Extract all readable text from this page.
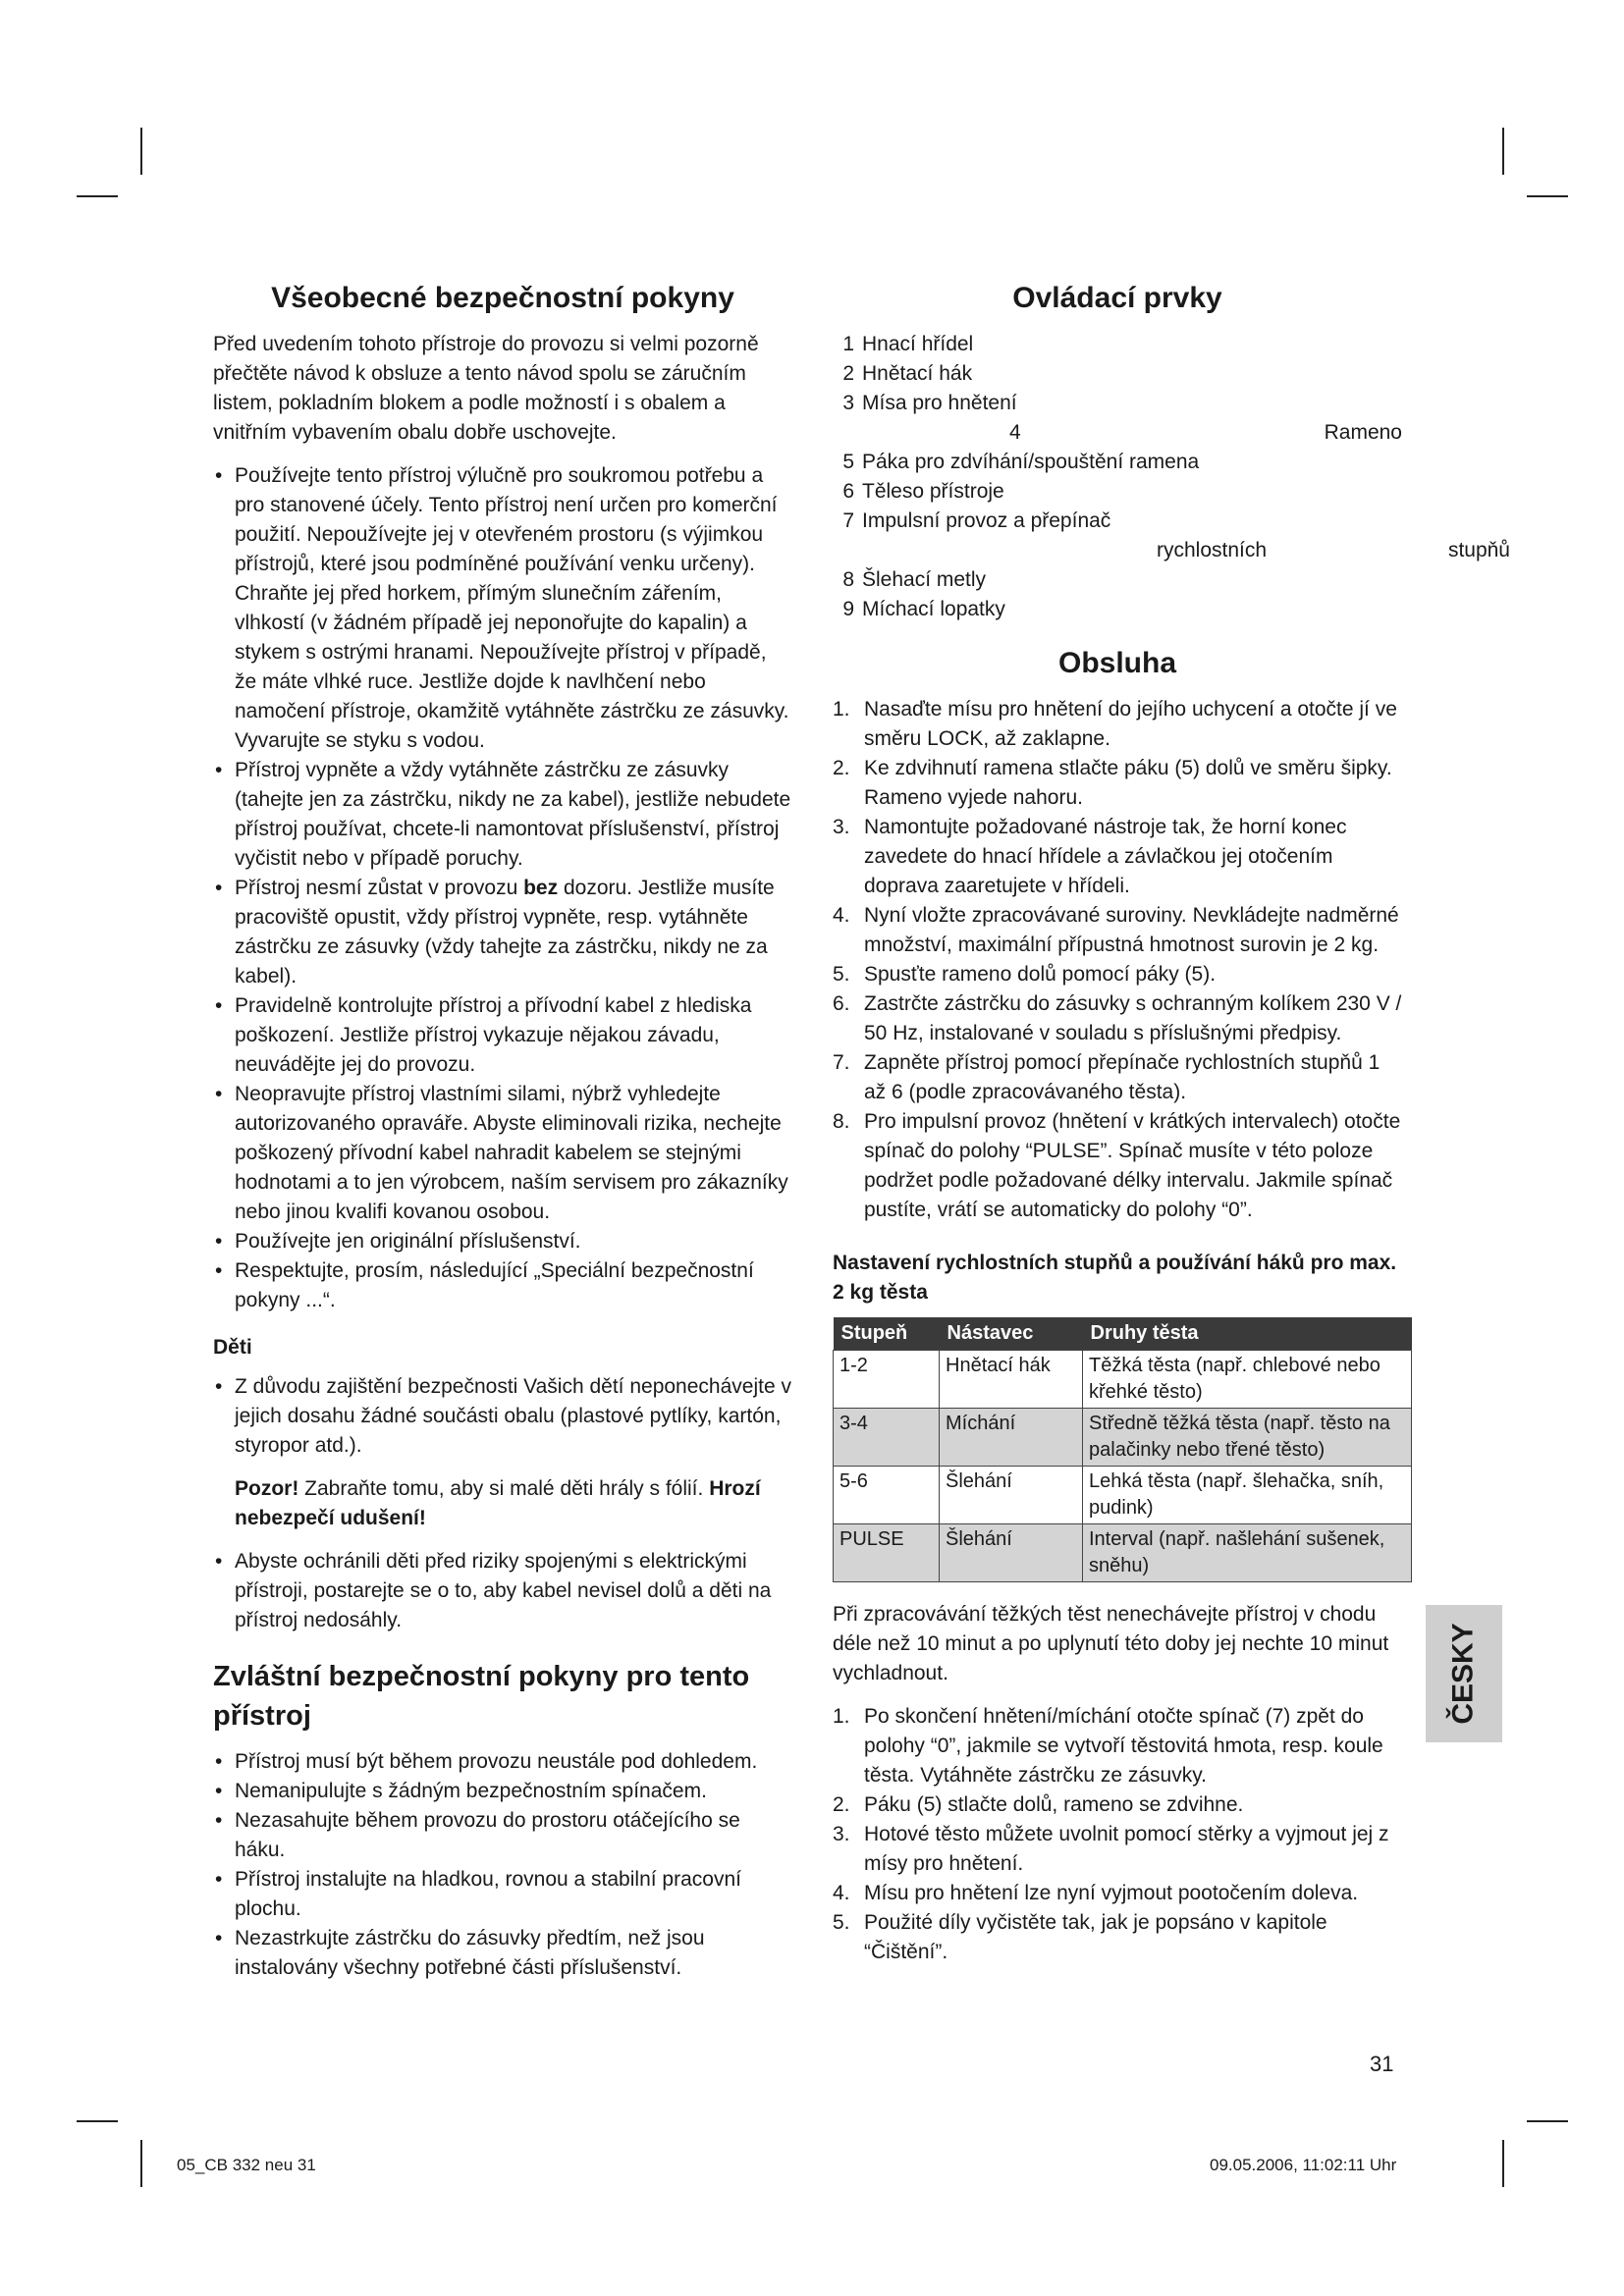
Všeobecné bezpečnostní pokyny

Před uvedením tohoto přístroje do provozu si velmi pozorně přečtěte návod k obsluze a tento návod spolu se záručním listem, pokladním blokem a podle možností i s obalem a vnitřním vybavením obalu dobře uschovejte.

• Používejte tento přístroj výlučně pro soukromou potřebu a pro stanovené účely. Tento přístroj není určen pro komerční použití. Nepoužívejte jej v otevřeném prostoru (s výjimkou přístrojů, které jsou podmíněné používání venku určeny). Chraňte jej před horkem, přímým slunečním zářením, vlhkostí (v žádném případě jej neponořujte do kapalin) a stykem s ostrými hranami. Nepoužívejte přístroj v případě, že máte vlhké ruce. Jestliže dojde k navlhčení nebo namočení přístroje, okamžitě vytáhněte zástrčku ze zásuvky. Vyvarujte se styku s vodou.
• Přístroj vypněte a vždy vytáhněte zástrčku ze zásuvky (tahejte jen za zástrčku, nikdy ne za kabel), jestliže nebudete přístroj používat, chcete-li namontovat příslušenství, přístroj vyčistit nebo v případě poruchy.
• Přístroj nesmí zůstat v provozu bez dozoru. Jestliže musíte pracoviště opustit, vždy přístroj vypněte, resp. vytáhněte zástrčku ze zásuvky (vždy tahejte za zástrčku, nikdy ne za kabel).
• Pravidelně kontrolujte přístroj a přívodní kabel z hlediska poškození. Jestliže přístroj vykazuje nějakou závadu, neuvádějte jej do provozu.
• Neopravujte přístroj vlastními silami, nýbrž vyhledejte autorizovaného opraváře. Abyste eliminovali rizika, nechejte poškozený přívodní kabel nahradit kabelem se stejnými hodnotami a to jen výrobcem, naším servisem pro zákazníky nebo jinou kvalifi kovanou osobou.
• Používejte jen originální příslušenství.
• Respektujte, prosím, následující „Speciální bezpečnostní pokyny ...“.
Děti
• Z důvodu zajištění bezpečnosti Vašich dětí neponechávejte v jejich dosahu žádné součásti obalu (plastové pytlíky, kartón, styropor atd.).

Pozor! Zabraňte tomu, aby si malé děti hrály s fólií. Hrozí nebezpečí udušení!

• Abyste ochránili děti před riziky spojenými s elektrickými přístroji, postarejte se o to, aby kabel nevisel dolů a děti na přístroj nedosáhly.
Zvláštní bezpečnostní pokyny pro tento přístroj
• Přístroj musí být během provozu neustále pod dohledem.
• Nemanipulujte s žádným bezpečnostním spínačem.
• Nezasahujte během provozu do prostoru otáčejícího se háku.
• Přístroj instalujte na hladkou, rovnou a stabilní pracovní plochu.
• Nezastrkujte zástrčku do zásuvky předtím, než jsou instalovány všechny potřebné části příslušenství.
Ovládací prvky
1 Hnací hřídel
2 Hnětací hák
3 Mísa pro hnětení
4	Rameno
5 Páka pro zdvíhání/spouštění ramena
6 Těleso přístroje
7 Impulsní provoz a přepínač
rychlostních	stupňů
8 Šlehací metly
9 Míchací lopatky
Obsluha
1. Nasaďte mísu pro hnětení do jejího uchycení a otočte jí ve směru LOCK, až zaklapne.
2. Ke zdvihnutí ramena stlačte páku (5) dolů ve směru šipky. Rameno vyjede nahoru.
3. Namontujte požadované nástroje tak, že horní konec zavedete do hnací hřídele a závlačkou jej otočením doprava zaaretujete v hřídeli.
4. Nyní vložte zpracovávané suroviny. Nevkládejte nadměrné množství, maximální přípustná hmotnost surovin je 2 kg.
5. Spusťte rameno dolů pomocí páky (5).
6. Zastrčte zástrčku do zásuvky s ochranným kolíkem 230 V / 50 Hz, instalované v souladu s příslušnými předpisy.
7. Zapněte přístroj pomocí přepínače rychlostních stupňů 1 až 6 (podle zpracovávaného těsta).
8. Pro impulsní provoz (hnětení v krátkých intervalech) otočte spínač do polohy “PULSE”. Spínač musíte v této poloze podržet podle požadované délky intervalu. Jakmile spínač pustíte, vrátí se automaticky do polohy “0”.
Nastavení rychlostních stupňů a používání háků pro max. 2 kg těsta
Stupeň	Nástavec	Druhy těsta
1-2	Hnětací hák	Těžká těsta (např. chlebové nebo křehké těsto)
3-4	Míchání	Středně těžká těsta (např. těsto na palačinky nebo třené těsto)
5-6	Šlehání	Lehká těsta (např. šlehačka, sníh, pudink)
PULSE	Šlehání	Interval (např. našlehání sušenek, sněhu)

Při zpracovávání těžkých těst nenechávejte přístroj v chodu déle než 10 minut a po uplynutí této doby jej nechte 10 minut vychladnout.

1. Po skončení hnětení/míchání otočte spínač (7) zpět do polohy “0”, jakmile se vytvoří těstovitá hmota, resp. koule těsta. Vytáhněte zástrčku ze zásuvky.
2. Páku (5) stlačte dolů, rameno se zdvihne.
3. Hotové těsto můžete uvolnit pomocí stěrky a vyjmout jej z mísy pro hnětení.
4. Mísu pro hnětení lze nyní vyjmout pootočením doleva.
5. Použité díly vyčistěte tak, jak je popsáno v kapitole “Čištění”.
ČESKY
31
05_CB 332 neu 31	09.05.2006, 11:02:11 Uhr
